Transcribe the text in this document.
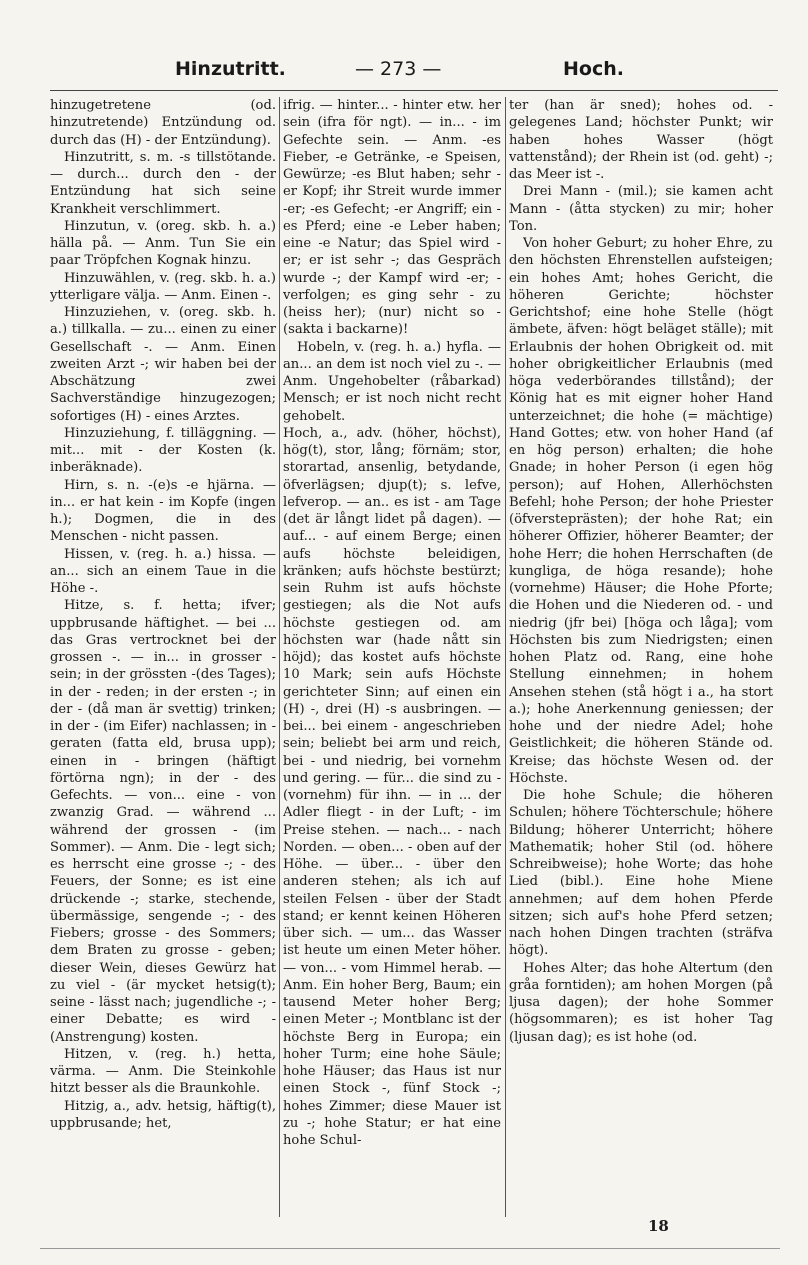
Hinzutritt.	— 273 —	Hoch.

hinzugetretene (od. hinzutretende) Entzündung od. durch das (H) - der Entzündung).

Hinzutritt, s. m. -s tillstötande. — durch... durch den - der Entzündung hat sich seine Krankheit verschlimmert.

Hinzutun, v. (oreg. skb. h. a.) hälla på. — Anm. Tun Sie ein paar Tröpfchen Kognak hinzu.

Hinzuwählen, v. (reg. skb. h. a.) ytterligare välja. — Anm. Einen -.

Hinzuziehen, v. (oreg. skb. h. a.) tillkalla. — zu... einen zu einer Gesellschaft -. — Anm. Einen zweiten Arzt -; wir haben bei der Abschätzung zwei Sachverständige hinzugezogen; sofortiges (H) - eines Arztes.

Hinzuziehung, f. tilläggning. — mit... mit - der Kosten (k. inberäknade).

Hirn, s. n. -(e)s -e hjärna. — in... er hat kein - im Kopfe (ingen h.); Dogmen, die in des Menschen - nicht passen.

Hissen, v. (reg. h. a.) hissa. — an... sich an einem Taue in die Höhe -.

Hitze, s. f. hetta; ifver; uppbrusande häftighet. — bei ... das Gras vertrocknet bei der grossen -. — in... in grosser - sein; in der grössten -(des Tages); in der - reden; in der ersten -; in der - (då man är svettig) trinken; in der - (im Eifer) nachlassen; in - geraten (fatta eld, brusa upp); einen in - bringen (häftigt förtörna ngn); in der - des Gefechts. — von... eine - von zwanzig Grad. — während ... während der grossen - (im Sommer). — Anm. Die - legt sich; es herrscht eine grosse -; - des Feuers, der Sonne; es ist eine drückende -; starke, stechende, übermässige, sengende -; - des Fiebers; grosse - des Sommers; dem Braten zu grosse - geben; dieser Wein, dieses Gewürz hat zu viel - (är mycket hetsig(t); seine - lässt nach; jugendliche -; - einer Debatte; es wird - (Anstrengung) kosten.

Hitzen, v. (reg. h.) hetta, värma. — Anm. Die Steinkohle hitzt besser als die Braunkohle.

Hitzig, a., adv. hetsig, häftig(t), uppbrusande; het,

ifrig. — hinter... - hinter etw. her sein (ifra för ngt). — in... - im Gefechte sein. — Anm. -es Fieber, -e Getränke, -e Speisen, Gewürze; -es Blut haben; sehr -er Kopf; ihr Streit wurde immer -er; -es Gefecht; -er Angriff; ein -es Pferd; eine -e Leber haben; eine -e Natur; das Spiel wird -er; er ist sehr -; das Gespräch wurde -; der Kampf wird -er; - verfolgen; es ging sehr - zu (heiss her); (nur) nicht so - (sakta i backarne)!

Hobeln, v. (reg. h. a.) hyfla. — an... an dem ist noch viel zu -. — Anm. Ungehobelter (råbarkad) Mensch; er ist noch nicht recht gehobelt.

Hoch, a., adv. (höher, höchst), hög(t), stor, lång; förnäm; stor, storartad, ansenlig, betydande, öfverlägsen; djup(t); s. lefve, lefverop. — an.. es ist - am Tage (det är långt lidet på dagen). — auf... - auf einem Berge; einen aufs höchste beleidigen, kränken; aufs höchste bestürzt; sein Ruhm ist aufs höchste gestiegen; als die Not aufs höchste gestiegen od. am höchsten war (hade nått sin höjd); das kostet aufs höchste 10 Mark; sein aufs Höchste gerichteter Sinn; auf einen ein (H) -, drei (H) -s ausbringen. — bei... bei einem - angeschrieben sein; beliebt bei arm und reich, bei - und niedrig, bei vornehm und gering. — für... die sind zu - (vornehm) für ihn. — in ... der Adler fliegt - in der Luft; - im Preise stehen. — nach... - nach Norden. — oben... - oben auf der Höhe. — über... - über den anderen stehen; als ich auf steilen Felsen - über der Stadt stand; er kennt keinen Höheren über sich. — um... das Wasser ist heute um einen Meter höher. — von... - vom Himmel herab. — Anm. Ein hoher Berg, Baum; ein tausend Meter hoher Berg; einen Meter -; Montblanc ist der höchste Berg in Europa; ein hoher Turm; eine hohe Säule; hohe Häuser; das Haus ist nur einen Stock -, fünf Stock -; hohes Zimmer; diese Mauer ist zu -; hohe Statur; er hat eine hohe Schul-

ter (han är sned); hohes od. - gelegenes Land; höchster Punkt; wir haben hohes Wasser (högt vattenstånd); der Rhein ist (od. geht) -; das Meer ist -.

Drei Mann - (mil.); sie kamen acht Mann - (åtta stycken) zu mir; hoher Ton.

Von hoher Geburt; zu hoher Ehre, zu den höchsten Ehrenstellen aufsteigen; ein hohes Amt; hohes Gericht, die höheren Gerichte; höchster Gerichtshof; eine hohe Stelle (högt ämbete, äfven: högt beläget ställe); mit Erlaubnis der hohen Obrigkeit od. mit hoher obrigkeitlicher Erlaubnis (med höga vederbörandes tillstånd); der König hat es mit eigner hoher Hand unterzeichnet; die hohe (= mächtige) Hand Gottes; etw. von hoher Hand (af en hög person) erhalten; die hohe Gnade; in hoher Person (i egen hög person); auf Hohen, Allerhöchsten Befehl; hohe Person; der hohe Priester (öfversteprästen); der hohe Rat; ein höherer Offizier, höherer Beamter; der hohe Herr; die hohen Herrschaften (de kungliga, de höga resande); hohe (vornehme) Häuser; die Hohe Pforte; die Hohen und die Niederen od. - und niedrig (jfr bei) [höga och låga]; vom Höchsten bis zum Niedrigsten; einen hohen Platz od. Rang, eine hohe Stellung einnehmen; in hohem Ansehen stehen (stå högt i a., ha stort a.); hohe Anerkennung geniessen; der hohe und der niedre Adel; hohe Geistlichkeit; die höheren Stände od. Kreise; das höchste Wesen od. der Höchste.

Die hohe Schule; die höheren Schulen; höhere Töchterschule; höhere Bildung; höherer Unterricht; höhere Mathematik; hoher Stil (od. höhere Schreibweise); hohe Worte; das hohe Lied (bibl.). Eine hohe Miene annehmen; auf dem hohen Pferde sitzen; sich auf's hohe Pferd setzen; nach hohen Dingen trachten (sträfva högt).

Hohes Alter; das hohe Altertum (den gråa forntiden); am hohen Morgen (på ljusa dagen); der hohe Sommer (högsommaren); es ist hoher Tag (ljusan dag); es ist hohe (od.

18
